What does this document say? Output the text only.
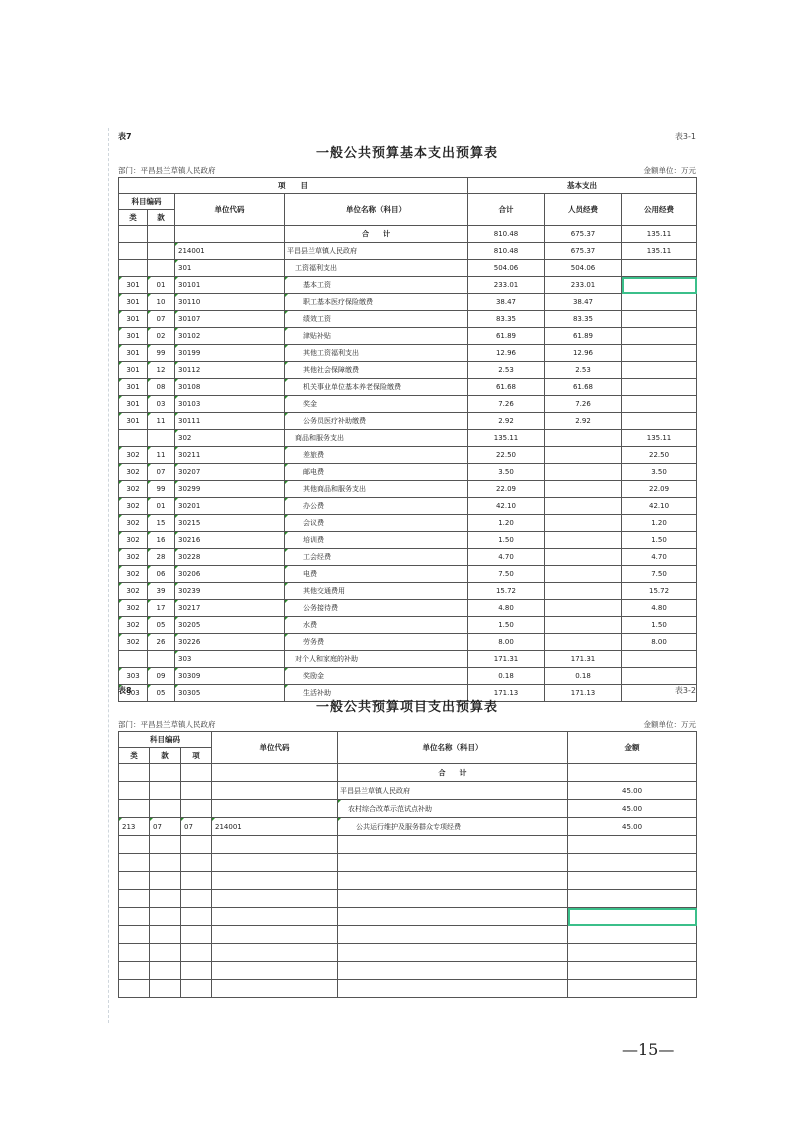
表7	表3-1
一般公共预算基本支出预算表
部门：平昌县兰草镇人民政府	金额单位：万元
项　　目				基本支出		
科目编码		单位代码	单位名称（科目）	合计	人员经费	公用经费
类	款					
			合　　计	810.48	675.37	135.11
		214001	平昌县兰草镇人民政府	810.48	675.37	135.11
		301	工资福利支出	504.06	504.06	
301	01	30101	基本工资	233.01	233.01	
301	10	30110	职工基本医疗保险缴费	38.47	38.47	
301	07	30107	绩效工资	83.35	83.35	
301	02	30102	津贴补贴	61.89	61.89	
301	99	30199	其他工资福利支出	12.96	12.96	
301	12	30112	其他社会保障缴费	2.53	2.53	
301	08	30108	机关事业单位基本养老保险缴费	61.68	61.68	
301	03	30103	奖金	7.26	7.26	
301	11	30111	公务员医疗补助缴费	2.92	2.92	
		302	商品和服务支出	135.11		135.11
302	11	30211	差旅费	22.50		22.50
302	07	30207	邮电费	3.50		3.50
302	99	30299	其他商品和服务支出	22.09		22.09
302	01	30201	办公费	42.10		42.10
302	15	30215	会议费	1.20		1.20
302	16	30216	培训费	1.50		1.50
302	28	30228	工会经费	4.70		4.70
302	06	30206	电费	7.50		7.50
302	39	30239	其他交通费用	15.72		15.72
302	17	30217	公务接待费	4.80		4.80
302	05	30205	水费	1.50		1.50
302	26	30226	劳务费	8.00		8.00
		303	对个人和家庭的补助	171.31	171.31	
303	09	30309	奖励金	0.18	0.18	
303	05	30305	生活补助	171.13	171.13	
表8	表3-2
一般公共预算项目支出预算表
部门：平昌县兰草镇人民政府	金额单位：万元
科目编码			单位代码	单位名称（科目）	金额
类	款	项			
				合　　计	
				平昌县兰草镇人民政府	45.00
				农村综合改革示范试点补助	45.00
213	07	07	214001	公共运行维护及服务群众专项经费	45.00

—15—
